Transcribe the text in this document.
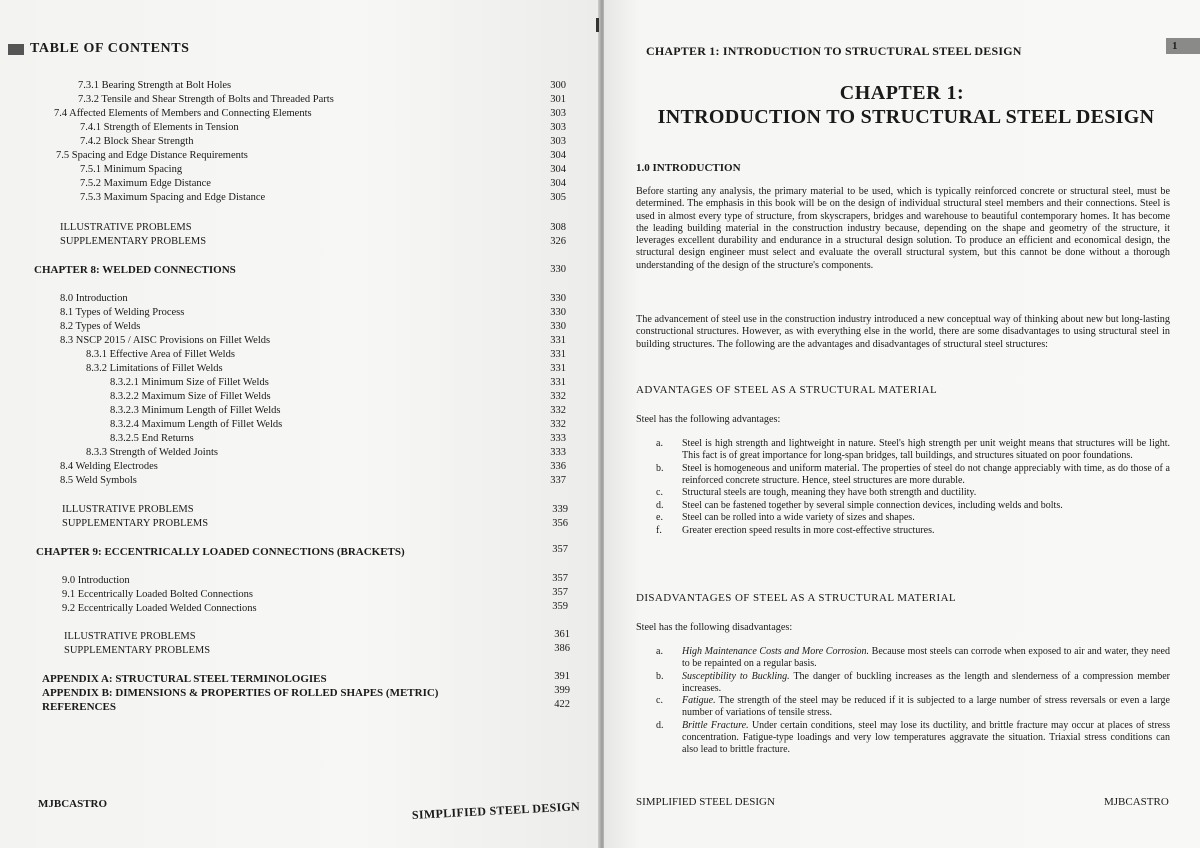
TABLE OF CONTENTS
7.3.1 Bearing Strength at Bolt Holes	300
7.3.2 Tensile and Shear Strength of Bolts and Threaded Parts	301
7.4 Affected Elements of Members and Connecting Elements	303
7.4.1 Strength of Elements in Tension	303
7.4.2 Block Shear Strength	303
7.5 Spacing and Edge Distance Requirements	304
7.5.1 Minimum Spacing	304
7.5.2 Maximum Edge Distance	304
7.5.3 Maximum Spacing and Edge Distance	305
ILLUSTRATIVE PROBLEMS	308
SUPPLEMENTARY PROBLEMS	326
CHAPTER 8: WELDED CONNECTIONS	330
8.0 Introduction	330
8.1 Types of Welding Process	330
8.2 Types of Welds	330
8.3 NSCP 2015 / AISC Provisions on Fillet Welds	331
8.3.1 Effective Area of Fillet Welds	331
8.3.2 Limitations of Fillet Welds	331
8.3.2.1 Minimum Size of Fillet Welds	331
8.3.2.2 Maximum Size of Fillet Welds	332
8.3.2.3 Minimum Length of Fillet Welds	332
8.3.2.4 Maximum Length of Fillet Welds	332
8.3.2.5 End Returns	333
8.3.3 Strength of Welded Joints	333
8.4 Welding Electrodes	336
8.5 Weld Symbols	337
ILLUSTRATIVE PROBLEMS	339
SUPPLEMENTARY PROBLEMS	356
CHAPTER 9: ECCENTRICALLY LOADED CONNECTIONS (BRACKETS)	357
9.0 Introduction	357
9.1 Eccentrically Loaded Bolted Connections	357
9.2 Eccentrically Loaded Welded Connections	359
ILLUSTRATIVE PROBLEMS	361
SUPPLEMENTARY PROBLEMS	386
APPENDIX A: STRUCTURAL STEEL TERMINOLOGIES	391
APPENDIX B: DIMENSIONS & PROPERTIES OF ROLLED SHAPES (METRIC)	399
REFERENCES	422
MJBCASTRO	SIMPLIFIED STEEL DESIGN
CHAPTER 1: INTRODUCTION TO STRUCTURAL STEEL DESIGN	1
CHAPTER 1:
INTRODUCTION TO STRUCTURAL STEEL DESIGN
1.0 INTRODUCTION
Before starting any analysis, the primary material to be used, which is typically reinforced concrete or structural steel, must be determined. The emphasis in this book will be on the design of individual structural steel members and their connections. Steel is used in almost every type of structure, from skyscrapers, bridges and warehouse to beautiful contemporary homes. It has become the leading building material in the construction industry because, depending on the shape and geometry of the structure, it leverages excellent durability and endurance in a structural design solution. To produce an efficient and economical design, the structural design engineer must select and evaluate the overall structural system, but this cannot be done without a thorough understanding of the design of the structure's components.
The advancement of steel use in the construction industry introduced a new conceptual way of thinking about new but long-lasting constructional structures. However, as with everything else in the world, there are some disadvantages to using structural steel in building structures. The following are the advantages and disadvantages of structural steel structures:
ADVANTAGES OF STEEL AS A STRUCTURAL MATERIAL
Steel has the following advantages:
a. Steel is high strength and lightweight in nature. Steel's high strength per unit weight means that structures will be light. This fact is of great importance for long-span bridges, tall buildings, and structures situated on poor foundations.
b. Steel is homogeneous and uniform material. The properties of steel do not change appreciably with time, as do those of a reinforced concrete structure. Hence, steel structures are more durable.
c. Structural steels are tough, meaning they have both strength and ductility.
d. Steel can be fastened together by several simple connection devices, including welds and bolts.
e. Steel can be rolled into a wide variety of sizes and shapes.
f. Greater erection speed results in more cost-effective structures.
DISADVANTAGES OF STEEL AS A STRUCTURAL MATERIAL
Steel has the following disadvantages:
a. High Maintenance Costs and More Corrosion. Because most steels can corrode when exposed to air and water, they need to be repainted on a regular basis.
b. Susceptibility to Buckling. The danger of buckling increases as the length and slenderness of a compression member increases.
c. Fatigue. The strength of the steel may be reduced if it is subjected to a large number of stress reversals or even a large number of variations of tensile stress.
d. Brittle Fracture. Under certain conditions, steel may lose its ductility, and brittle fracture may occur at places of stress concentration. Fatigue-type loadings and very low temperatures aggravate the situation. Triaxial stress conditions can also lead to brittle fracture.
SIMPLIFIED STEEL DESIGN	MJBCASTRO
